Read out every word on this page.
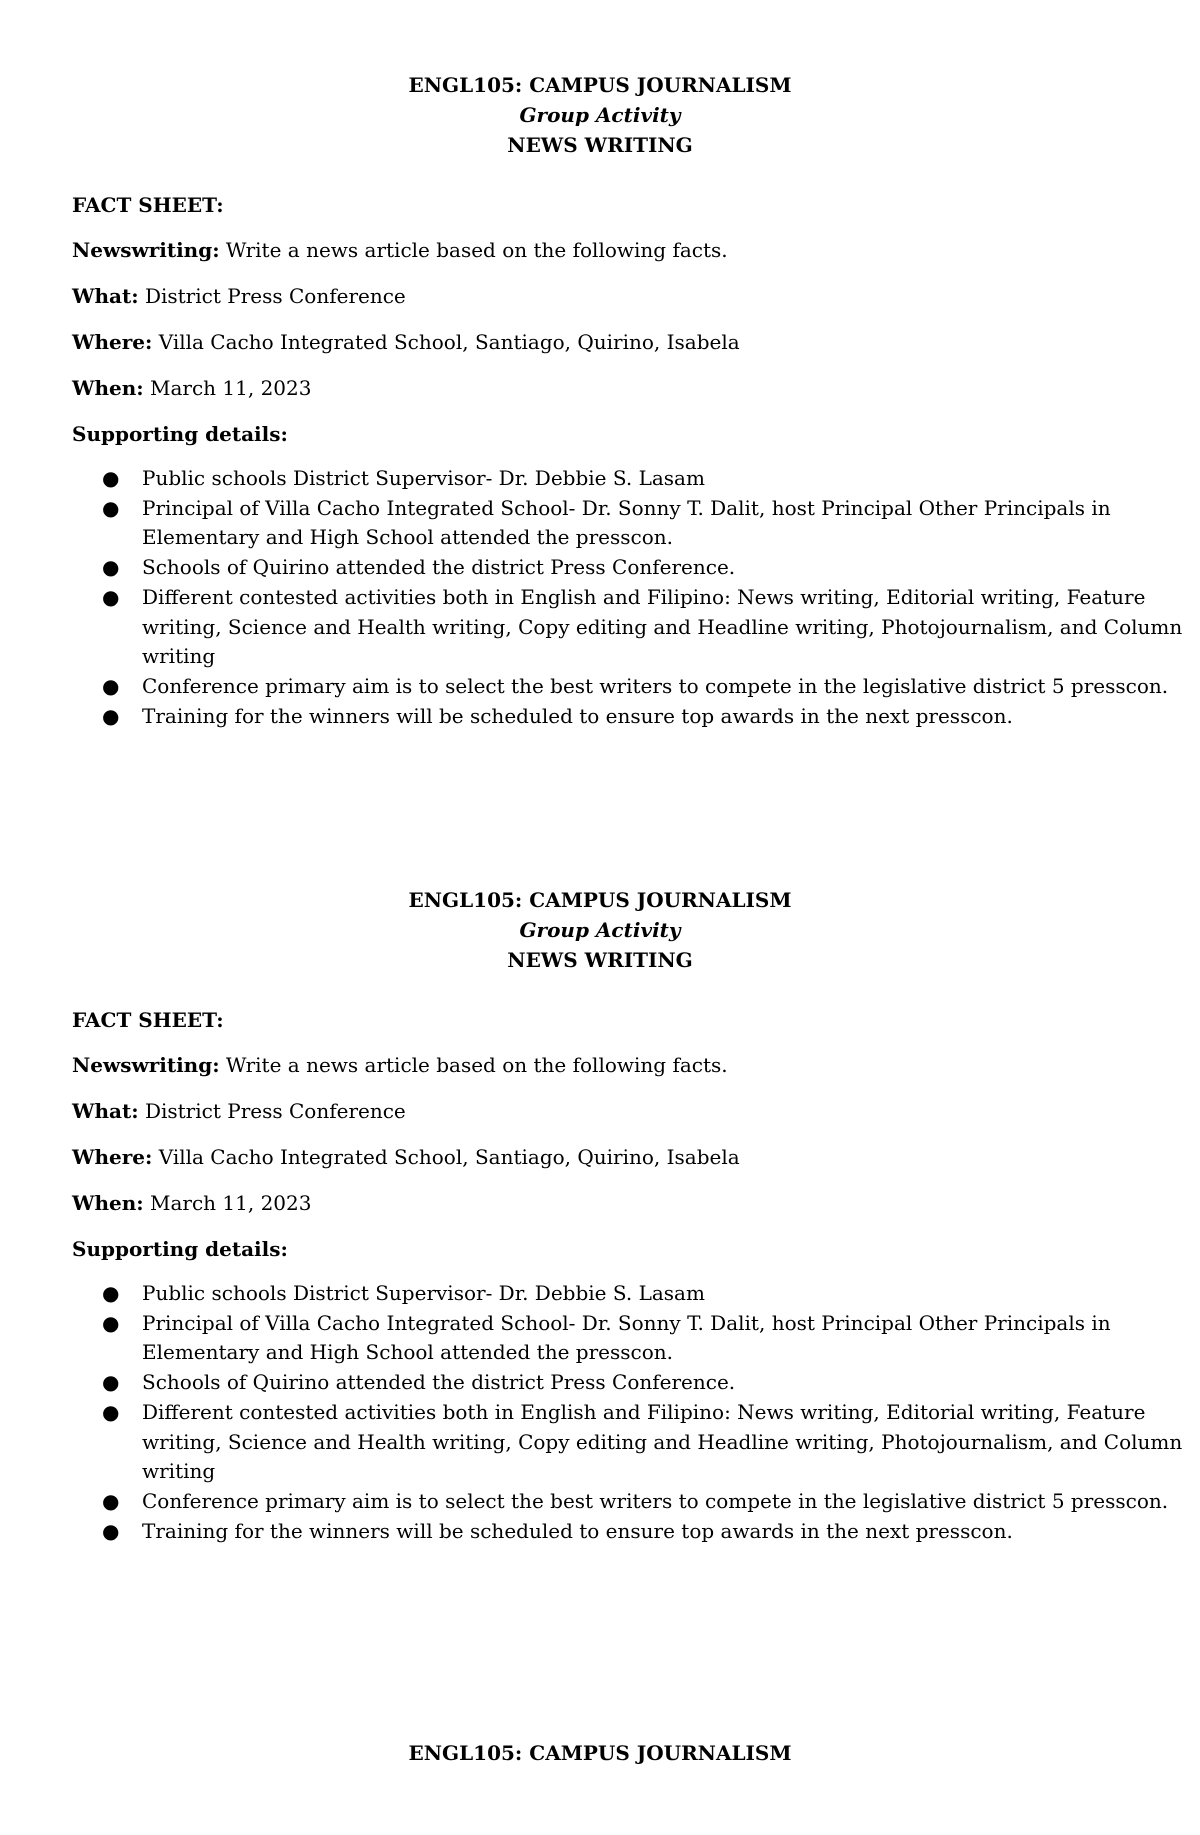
ENGL105: CAMPUS JOURNALISM
Group Activity
NEWS WRITING

FACT SHEET:

Newswriting: Write a news article based on the following facts.

What: District Press Conference

Where: Villa Cacho Integrated School, Santiago, Quirino, Isabela

When: March 11, 2023

Supporting details:

● Public schools District Supervisor- Dr. Debbie S. Lasam
● Principal of Villa Cacho Integrated School- Dr. Sonny T. Dalit, host Principal Other Principals in Elementary and High School attended the presscon.
● Schools of Quirino attended the district Press Conference.
● Different contested activities both in English and Filipino: News writing, Editorial writing, Feature writing, Science and Health writing, Copy editing and Headline writing, Photojournalism, and Column writing
● Conference primary aim is to select the best writers to compete in the legislative district 5 presscon.
● Training for the winners will be scheduled to ensure top awards in the next presscon.
ENGL105: CAMPUS JOURNALISM
Group Activity
NEWS WRITING

FACT SHEET:

Newswriting: Write a news article based on the following facts.

What: District Press Conference

Where: Villa Cacho Integrated School, Santiago, Quirino, Isabela

When: March 11, 2023

Supporting details:

● Public schools District Supervisor- Dr. Debbie S. Lasam
● Principal of Villa Cacho Integrated School- Dr. Sonny T. Dalit, host Principal Other Principals in Elementary and High School attended the presscon.
● Schools of Quirino attended the district Press Conference.
● Different contested activities both in English and Filipino: News writing, Editorial writing, Feature writing, Science and Health writing, Copy editing and Headline writing, Photojournalism, and Column writing
● Conference primary aim is to select the best writers to compete in the legislative district 5 presscon.
● Training for the winners will be scheduled to ensure top awards in the next presscon.
ENGL105: CAMPUS JOURNALISM
